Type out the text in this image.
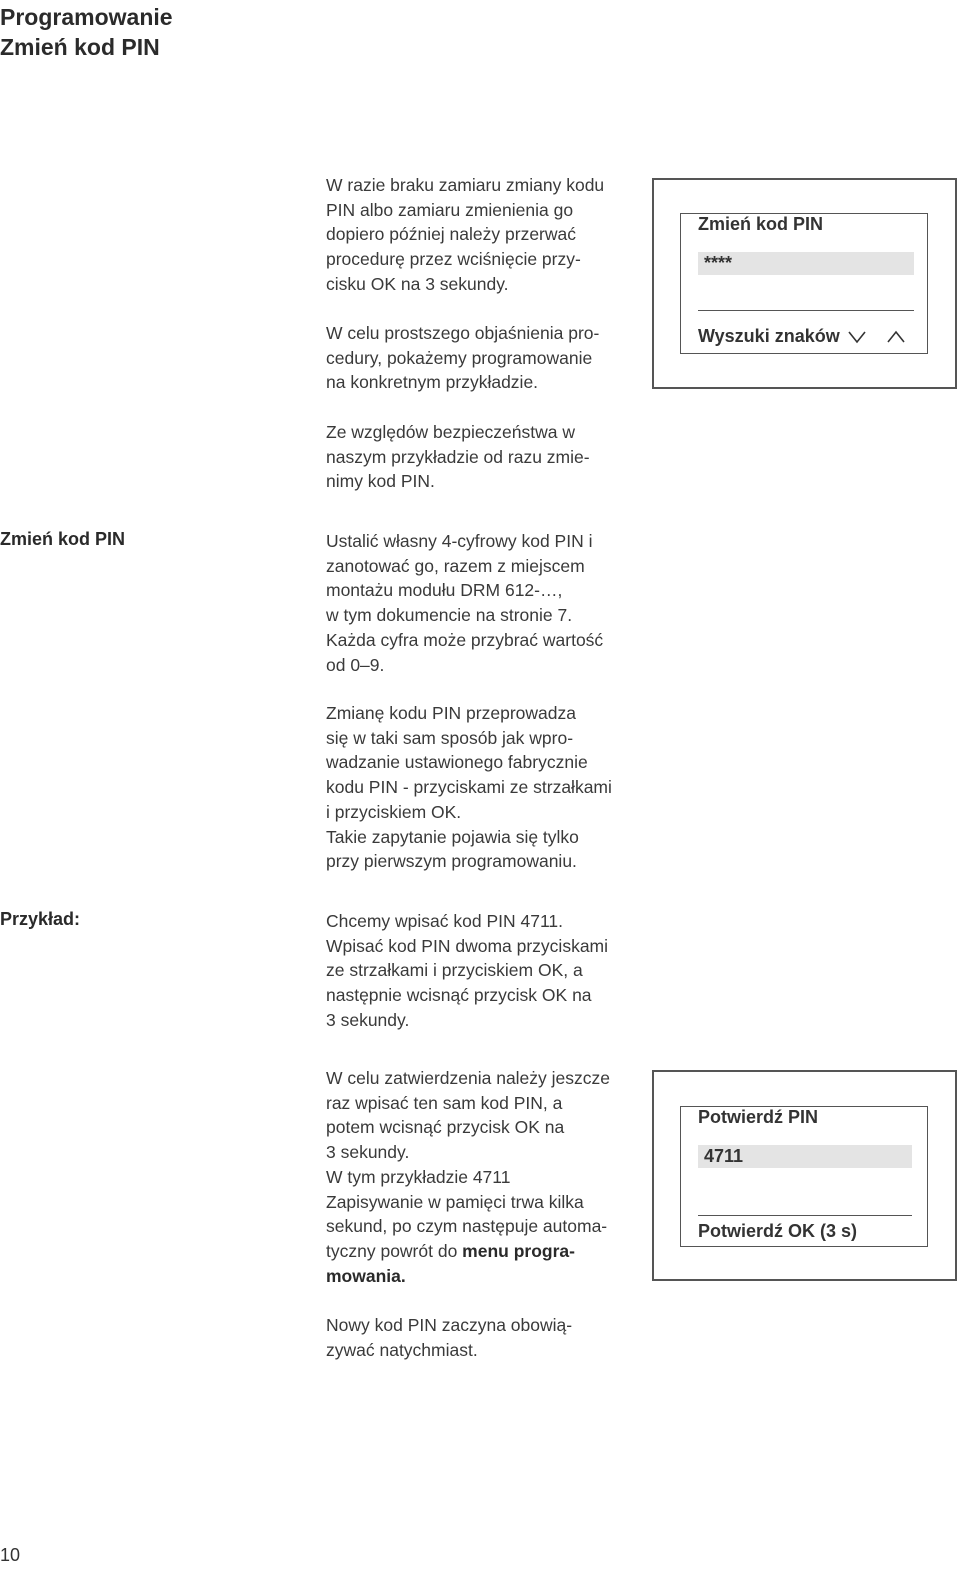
Programowanie
Zmień kod PIN
W razie braku zamiaru zmiany kodu
PIN albo zamiaru zmienienia go
dopiero później należy przerwać
procedurę przez wciśnięcie przy-
cisku OK na 3 sekundy.
W celu prostszego objaśnienia pro-
cedury, pokażemy programowanie
na konkretnym przykładzie.
Ze względów bezpieczeństwa w
naszym przykładzie od razu zmie-
nimy kod PIN.
Zmień kod PIN	Ustalić własny 4-cyfrowy kod PIN i
zanotować go, razem z miejscem
montażu modułu DRM 612-…,
w tym dokumencie na stronie 7.
Każda cyfra może przybrać wartość
od 0–9.
Zmianę kodu PIN przeprowadza
się w taki sam sposób jak wpro-
wadzanie ustawionego fabrycznie
kodu PIN - przyciskami ze strzałkami
i przyciskiem OK.
Takie zapytanie pojawia się tylko
przy pierwszym programowaniu.
Przykład:	Chcemy wpisać kod PIN 4711.
Wpisać kod PIN dwoma przyciskami
ze strzałkami i przyciskiem OK, a
następnie wcisnąć przycisk OK na
3 sekundy.
W celu zatwierdzenia należy jeszcze
raz wpisać ten sam kod PIN, a
potem wcisnąć przycisk OK na
3 sekundy.
W tym przykładzie 4711
Zapisywanie w pamięci trwa kilka
sekund, po czym następuje automa-
tyczny powrót do menu progra-
mowania.
Nowy kod PIN zaczyna obowią-
zywać natychmiast.
Zmień kod PIN
****
Wyszuki znaków
Potwierdź PIN
4711
Potwierdź OK (3 s)
10
